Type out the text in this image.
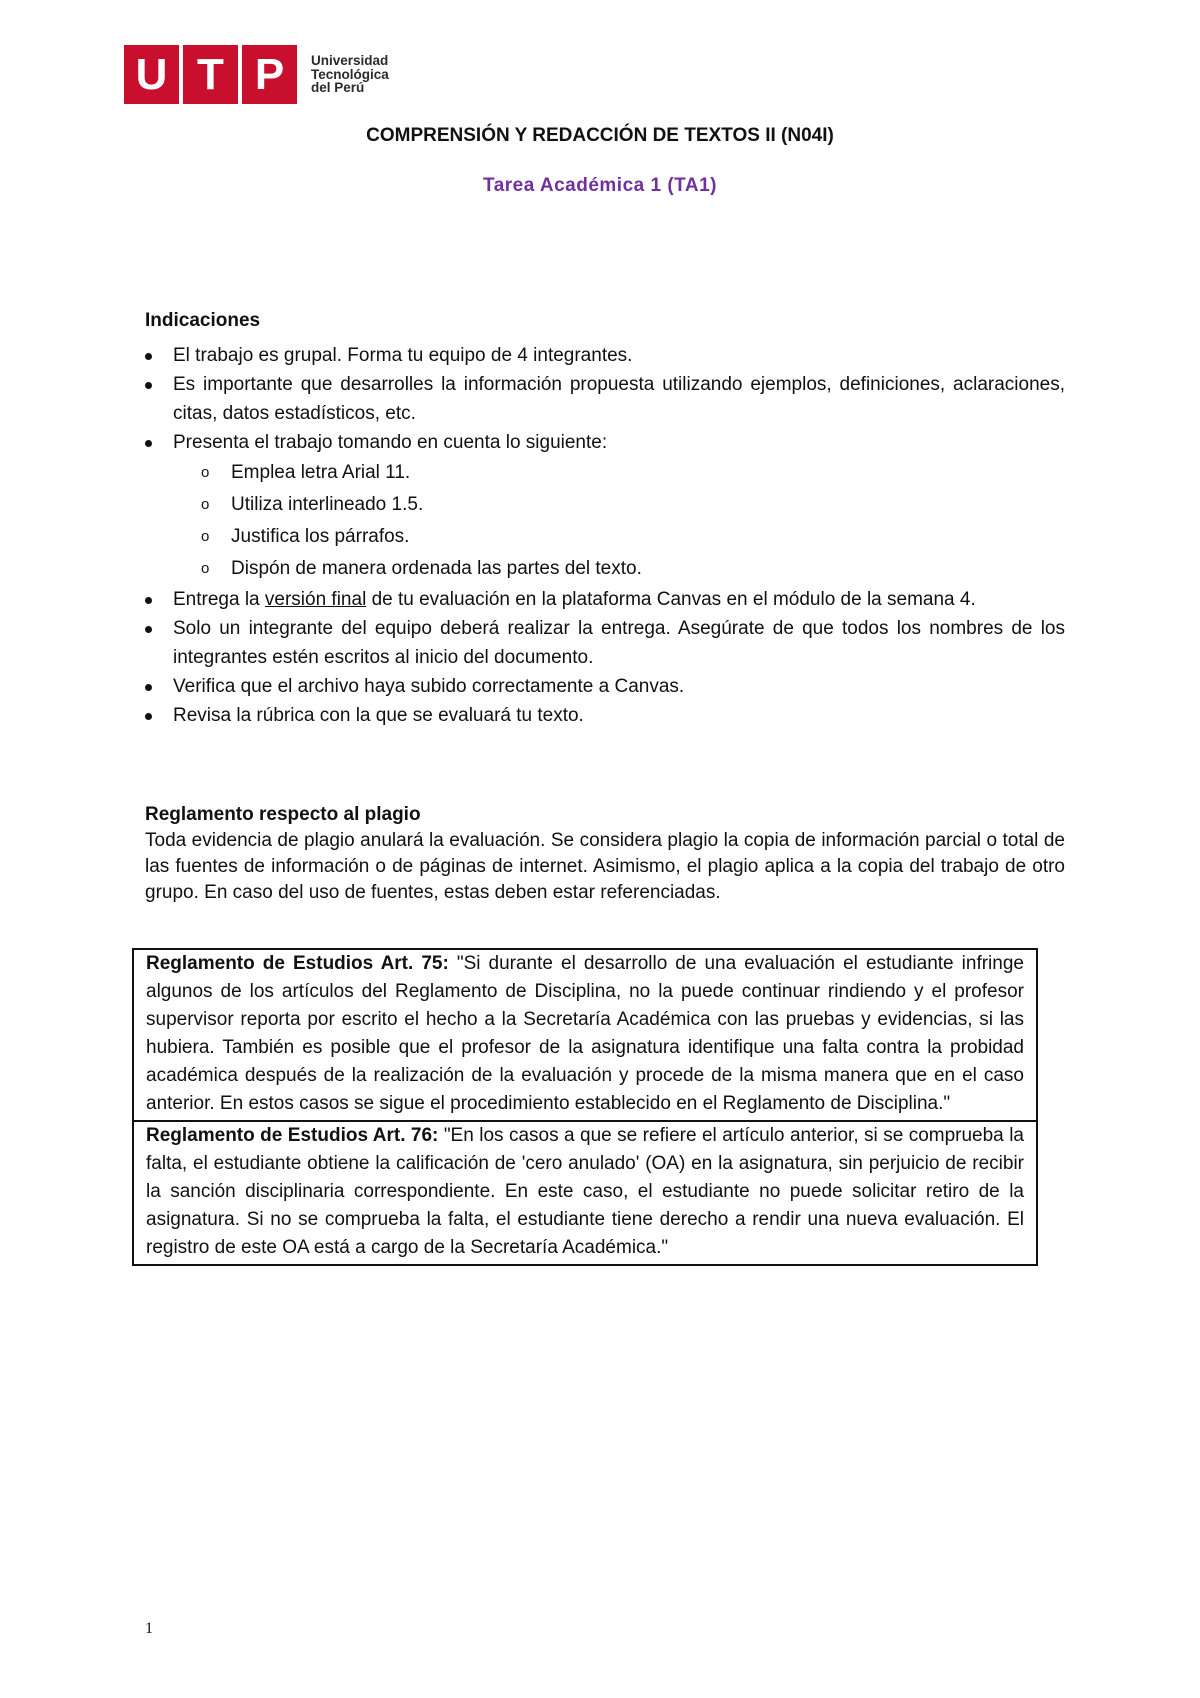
U T P	Universidad
Tecnológica
del Perú
COMPRENSIÓN Y REDACCIÓN DE TEXTOS II (N04I)
Tarea Académica 1 (TA1)
Indicaciones
El trabajo es grupal. Forma tu equipo de 4 integrantes.
Es importante que desarrolles la información propuesta utilizando ejemplos, definiciones, aclaraciones, citas, datos estadísticos, etc.
Presenta el trabajo tomando en cuenta lo siguiente:
o Emplea letra Arial 11.
o Utiliza interlineado 1.5.
o Justifica los párrafos.
o Dispón de manera ordenada las partes del texto.
Entrega la versión final de tu evaluación en la plataforma Canvas en el módulo de la semana 4.
Solo un integrante del equipo deberá realizar la entrega. Asegúrate de que todos los nombres de los integrantes estén escritos al inicio del documento.
Verifica que el archivo haya subido correctamente a Canvas.
Revisa la rúbrica con la que se evaluará tu texto.
Reglamento respecto al plagio

Toda evidencia de plagio anulará la evaluación. Se considera plagio la copia de información parcial o total de las fuentes de información o de páginas de internet. Asimismo, el plagio aplica a la copia del trabajo de otro grupo. En caso del uso de fuentes, estas deben estar referenciadas.

Reglamento de Estudios Art. 75: "Si durante el desarrollo de una evaluación el estudiante infringe algunos de los artículos del Reglamento de Disciplina, no la puede continuar rindiendo y el profesor supervisor reporta por escrito el hecho a la Secretaría Académica con las pruebas y evidencias, si las hubiera. También es posible que el profesor de la asignatura identifique una falta contra la probidad académica después de la realización de la evaluación y procede de la misma manera que en el caso anterior. En estos casos se sigue el procedimiento establecido en el Reglamento de Disciplina."
Reglamento de Estudios Art. 76: "En los casos a que se refiere el artículo anterior, si se comprueba la falta, el estudiante obtiene la calificación de 'cero anulado' (OA) en la asignatura, sin perjuicio de recibir la sanción disciplinaria correspondiente. En este caso, el estudiante no puede solicitar retiro de la asignatura. Si no se comprueba la falta, el estudiante tiene derecho a rendir una nueva evaluación. El registro de este OA está a cargo de la Secretaría Académica."
1
